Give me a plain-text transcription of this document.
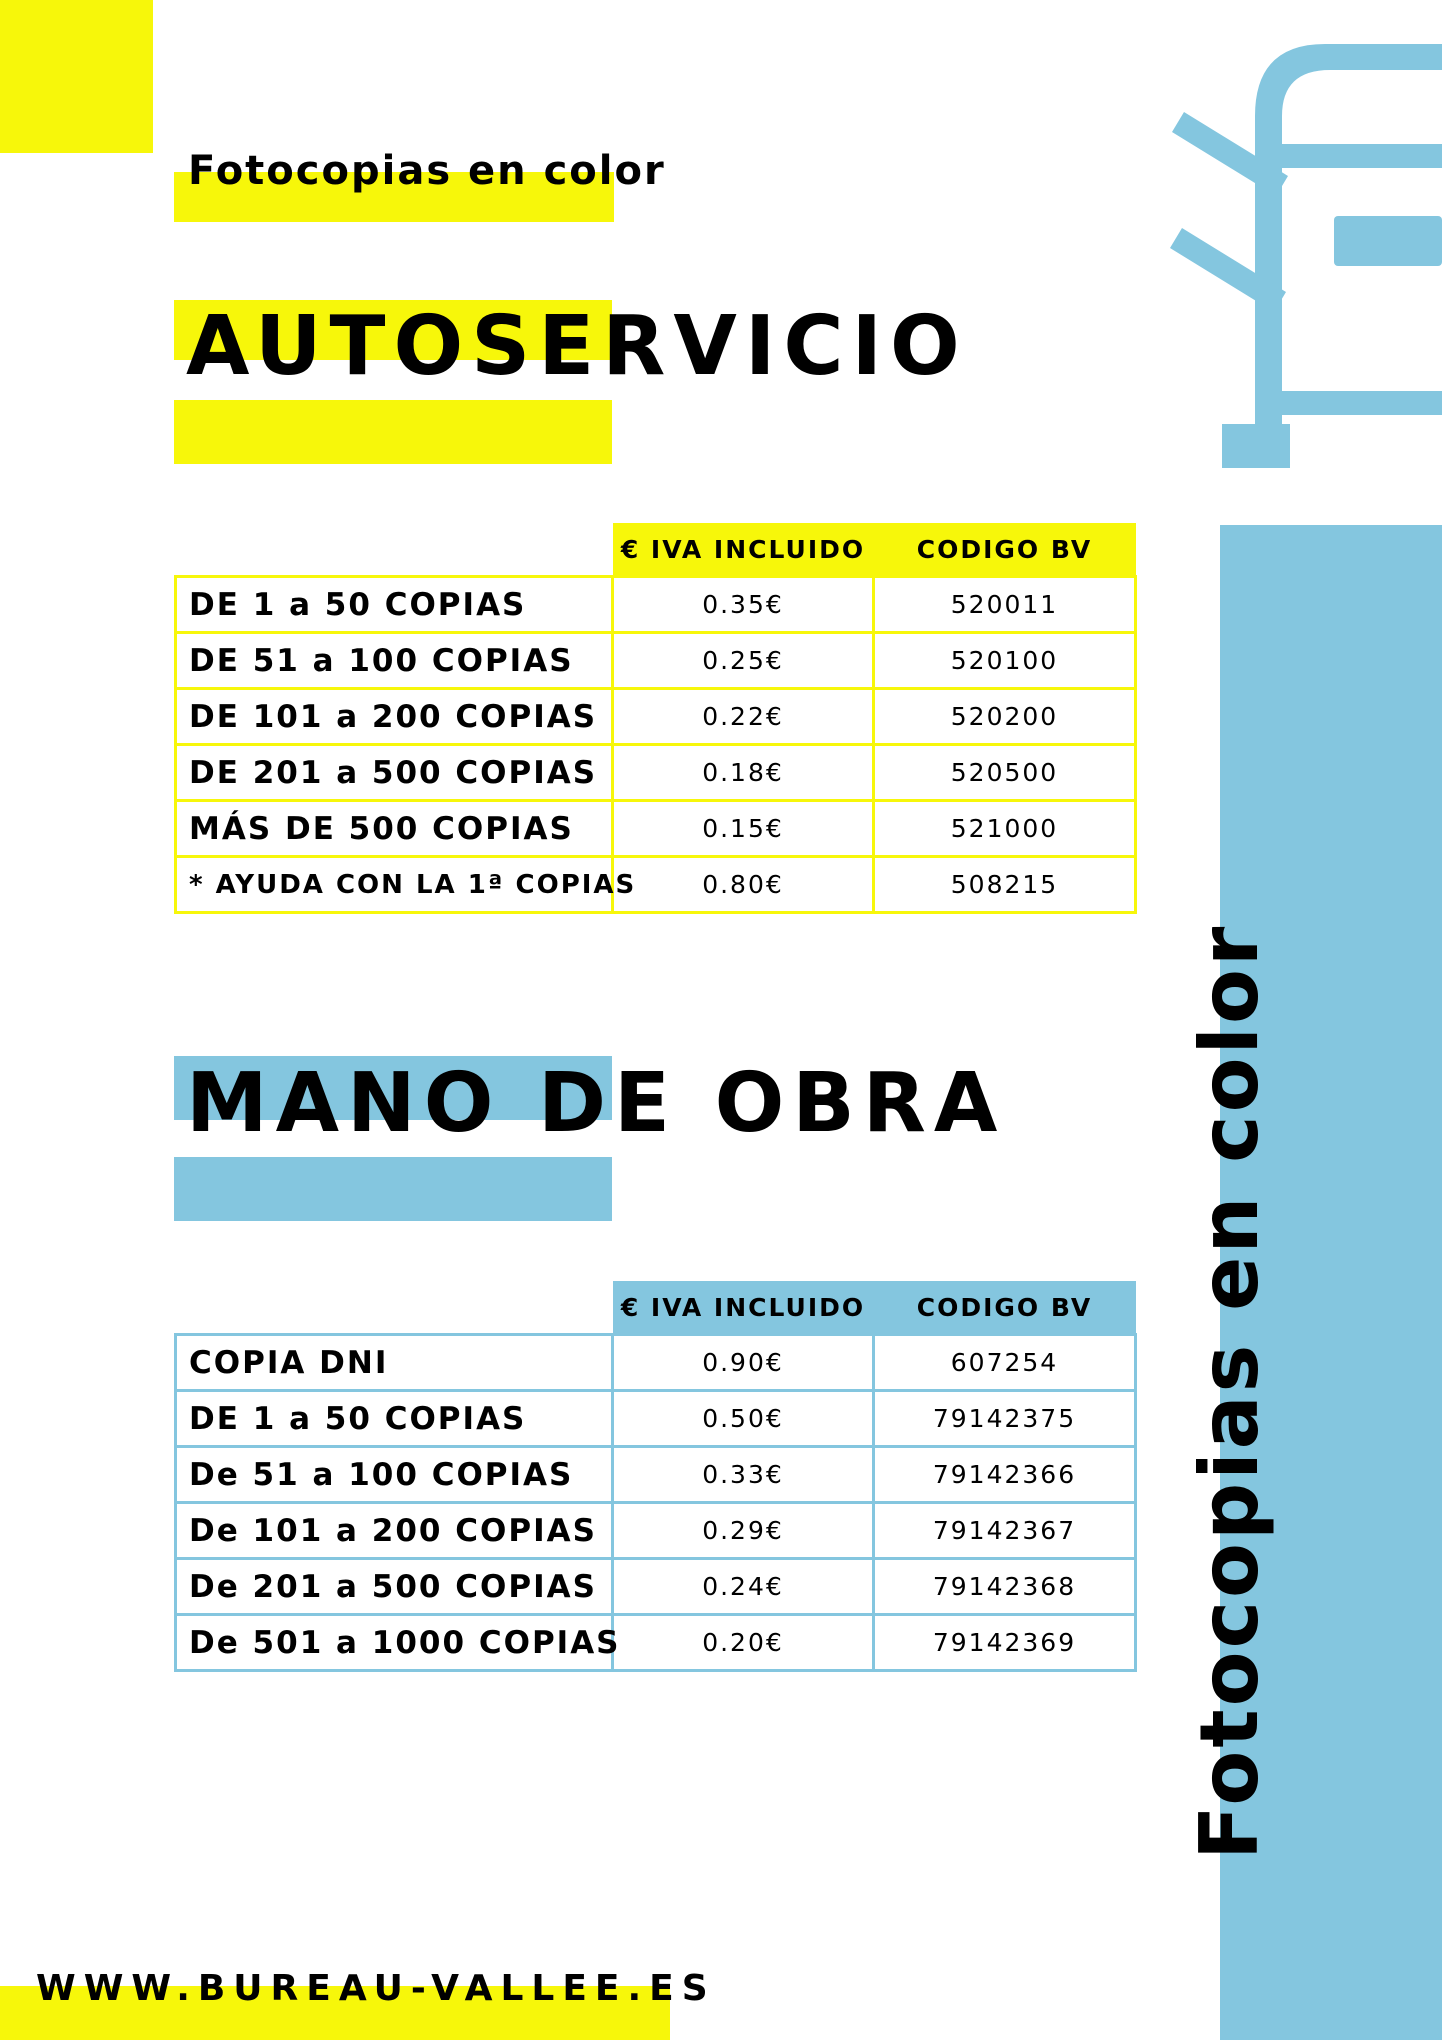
Fotocopias en color
AUTOSERVICIO
	€ IVA INCLUIDO	CODIGO BV
DE 1 a 50 COPIAS	0.35€	520011
DE 51 a 100 COPIAS	0.25€	520100
DE 101 a 200 COPIAS	0.22€	520200
DE 201 a 500 COPIAS	0.18€	520500
MÁS DE 500 COPIAS	0.15€	521000
* AYUDA CON LA 1ª COPIAS	0.80€	508215
MANO DE OBRA
	€ IVA INCLUIDO	CODIGO BV
COPIA DNI	0.90€	607254
DE 1 a 50 COPIAS	0.50€	79142375
De 51 a 100 COPIAS	0.33€	79142366
De 101 a 200 COPIAS	0.29€	79142367
De 201 a 500 COPIAS	0.24€	79142368
De 501 a 1000 COPIAS	0.20€	79142369 Fotocopias en color
WWW.BUREAU-VALLEE.ES
